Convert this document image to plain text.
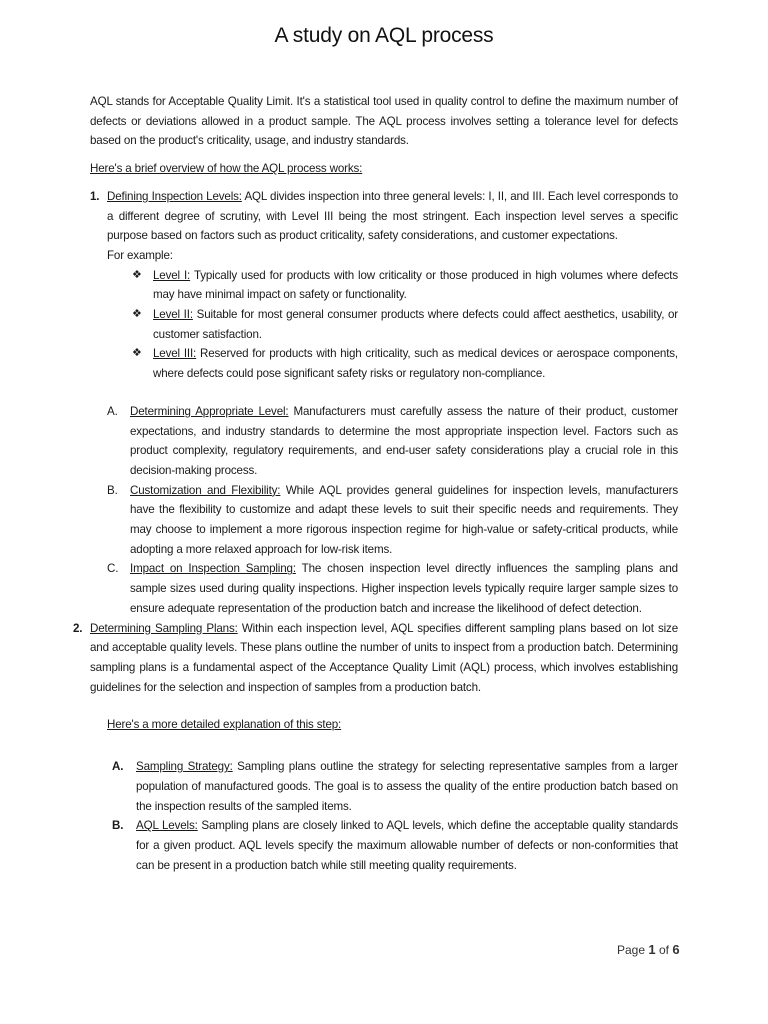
A study on AQL process

AQL stands for Acceptable Quality Limit. It's a statistical tool used in quality control to define the maximum number of defects or deviations allowed in a product sample. The AQL process involves setting a tolerance level for defects based on the product's criticality, usage, and industry standards.

Here's a brief overview of how the AQL process works:

1. Defining Inspection Levels: AQL divides inspection into three general levels: I, II, and III. Each level corresponds to a different degree of scrutiny, with Level III being the most stringent. Each inspection level serves a specific purpose based on factors such as product criticality, safety considerations, and customer expectations.

For example:

❖ Level I: Typically used for products with low criticality or those produced in high volumes where defects may have minimal impact on safety or functionality.

❖ Level II: Suitable for most general consumer products where defects could affect aesthetics, usability, or customer satisfaction.

❖ Level III: Reserved for products with high criticality, such as medical devices or aerospace components, where defects could pose significant safety risks or regulatory non-compliance.

A.	Determining Appropriate Level: Manufacturers must carefully assess the nature of their product, customer expectations, and industry standards to determine the most appropriate inspection level. Factors such as product complexity, regulatory requirements, and end-user safety considerations play a crucial role in this decision-making process.

B.	Customization and Flexibility: While AQL provides general guidelines for inspection levels, manufacturers have the flexibility to customize and adapt these levels to suit their specific needs and requirements. They may choose to implement a more rigorous inspection regime for high-value or safety-critical products, while adopting a more relaxed approach for low-risk items.

C.	Impact on Inspection Sampling: The chosen inspection level directly influences the sampling plans and sample sizes used during quality inspections. Higher inspection levels typically require larger sample sizes to ensure adequate representation of the production batch and increase the likelihood of defect detection.

2. Determining Sampling Plans: Within each inspection level, AQL specifies different sampling plans based on lot size and acceptable quality levels. These plans outline the number of units to inspect from a production batch. Determining sampling plans is a fundamental aspect of the Acceptance Quality Limit (AQL) process, which involves establishing guidelines for the selection and inspection of samples from a production batch.

Here's a more detailed explanation of this step:

A.	Sampling Strategy: Sampling plans outline the strategy for selecting representative samples from a larger population of manufactured goods. The goal is to assess the quality of the entire production batch based on the inspection results of the sampled items.

B.	AQL Levels: Sampling plans are closely linked to AQL levels, which define the acceptable quality standards for a given product. AQL levels specify the maximum allowable number of defects or non-conformities that can be present in a production batch while still meeting quality requirements.

Page 1 of 6
